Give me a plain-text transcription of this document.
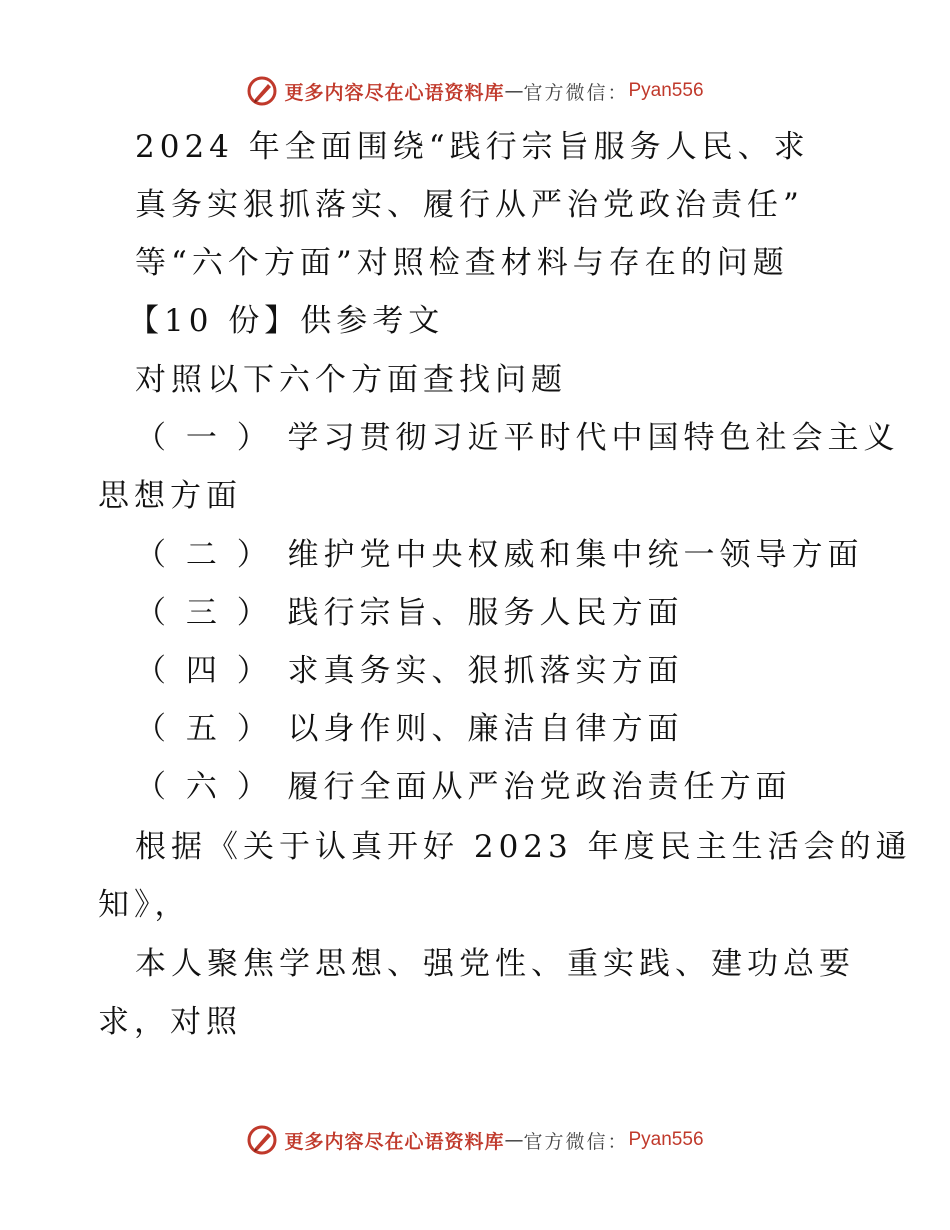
更多内容尽在心语资料库 — 官方微信： Pyan556
2024 年全面围绕“践行宗旨服务人民、求
真务实狠抓落实、履行从严治党政治责任”
等“六个方面”对照检查材料与存在的问题
【10 份】供参考文
对照以下六个方面查找问题
（ 一 ） 学习贯彻习近平时代中国特色社会主义
思想方面
（ 二 ） 维护党中央权威和集中统一领导方面
（ 三 ） 践行宗旨、服务人民方面
（ 四 ） 求真务实、狠抓落实方面
（ 五 ） 以身作则、廉洁自律方面
（ 六 ） 履行全面从严治党政治责任方面
根据《关于认真开好 2023 年度民主生活会的通
知》，
本人聚焦学思想、强党性、重实践、建功总要
求，对照
更多内容尽在心语资料库 — 官方微信： Pyan556
